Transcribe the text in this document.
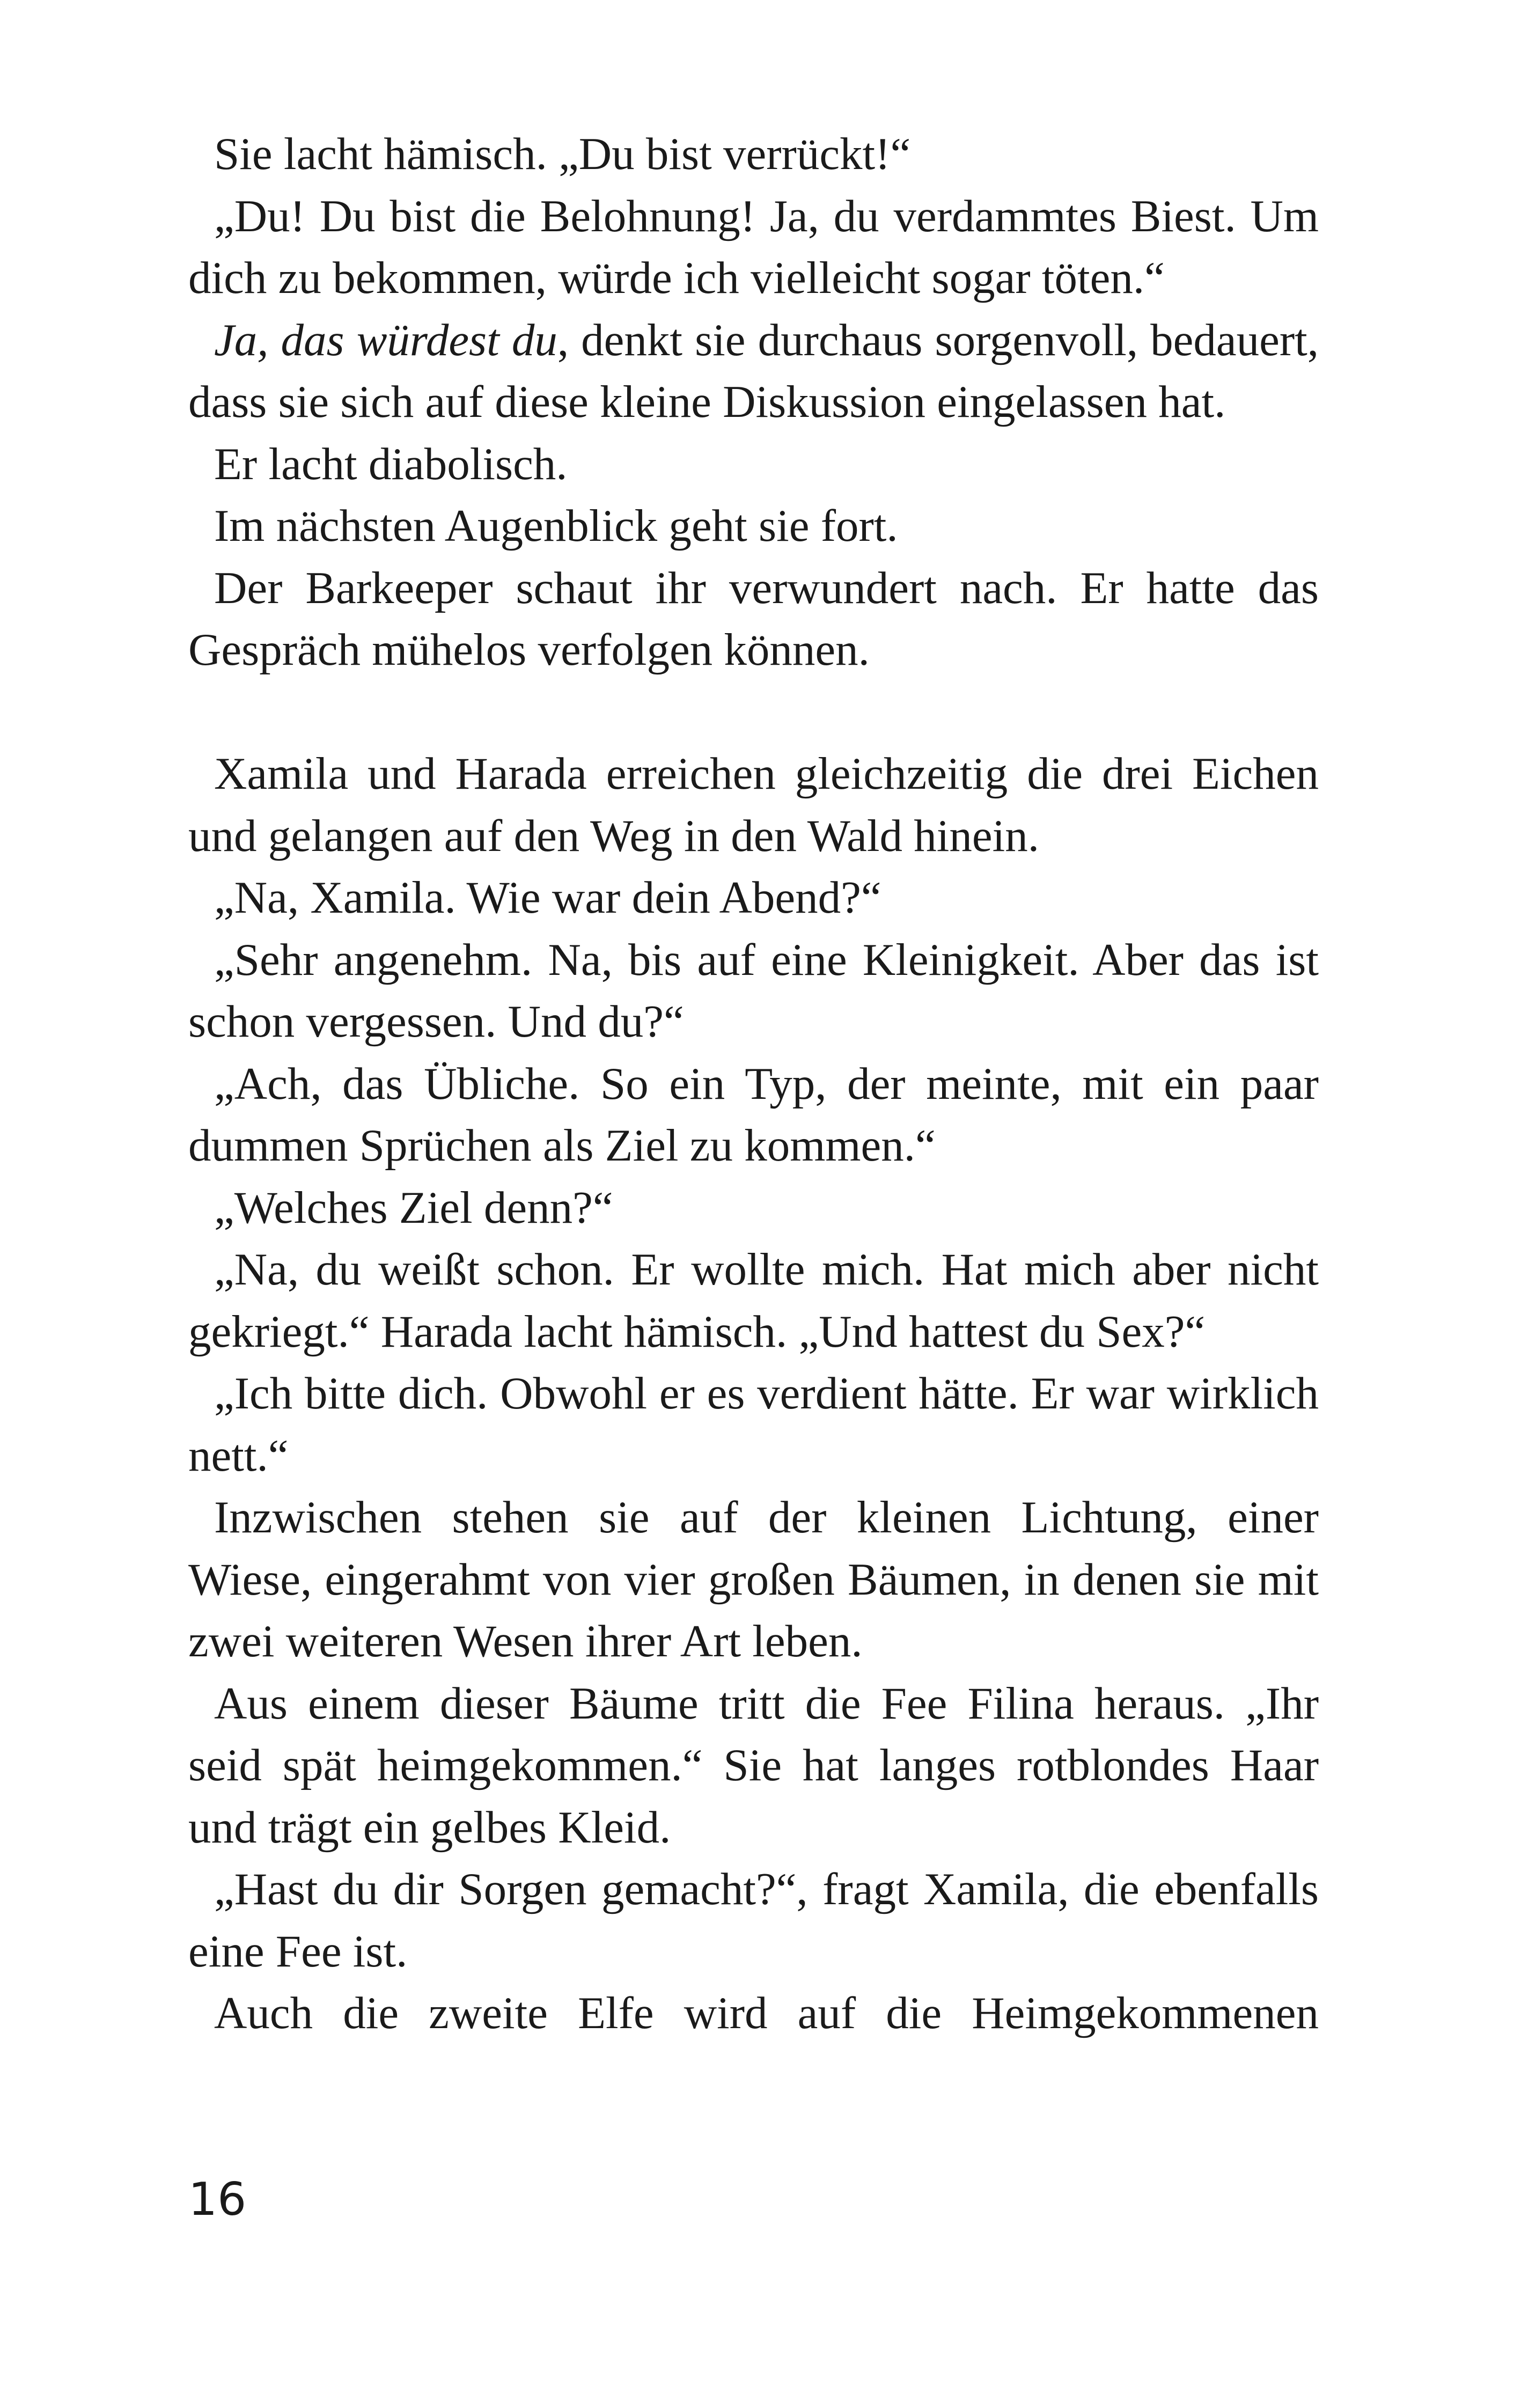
Sie lacht hämisch. „Du bist verrückt!“

„Du! Du bist die Belohnung! Ja, du verdammtes Biest. Um dich zu bekommen, würde ich vielleicht sogar töten.“

Ja, das würdest du, denkt sie durchaus sorgenvoll, bedauert, dass sie sich auf diese kleine Diskussion eingelassen hat.

Er lacht diabolisch.

Im nächsten Augenblick geht sie fort.

Der Barkeeper schaut ihr verwundert nach. Er hatte das Gespräch mühelos verfolgen können.

Xamila und Harada erreichen gleichzeitig die drei Eichen und gelangen auf den Weg in den Wald hinein.

„Na, Xamila. Wie war dein Abend?“

„Sehr angenehm. Na, bis auf eine Kleinigkeit. Aber das ist schon vergessen. Und du?“

„Ach, das Übliche. So ein Typ, der meinte, mit ein paar dummen Sprüchen als Ziel zu kommen.“

„Welches Ziel denn?“

„Na, du weißt schon. Er wollte mich. Hat mich aber nicht gekriegt.“ Harada lacht hämisch. „Und hattest du Sex?“

„Ich bitte dich. Obwohl er es verdient hätte. Er war wirklich nett.“

Inzwischen stehen sie auf der kleinen Lichtung, einer Wiese, eingerahmt von vier großen Bäumen, in denen sie mit zwei weiteren Wesen ihrer Art leben.

Aus einem dieser Bäume tritt die Fee Filina heraus. „Ihr seid spät heimgekommen.“ Sie hat langes rotblondes Haar und trägt ein gelbes Kleid.

„Hast du dir Sorgen gemacht?“, fragt Xamila, die ebenfalls eine Fee ist.

Auch die zweite Elfe wird auf die Heimgekommenen

16
